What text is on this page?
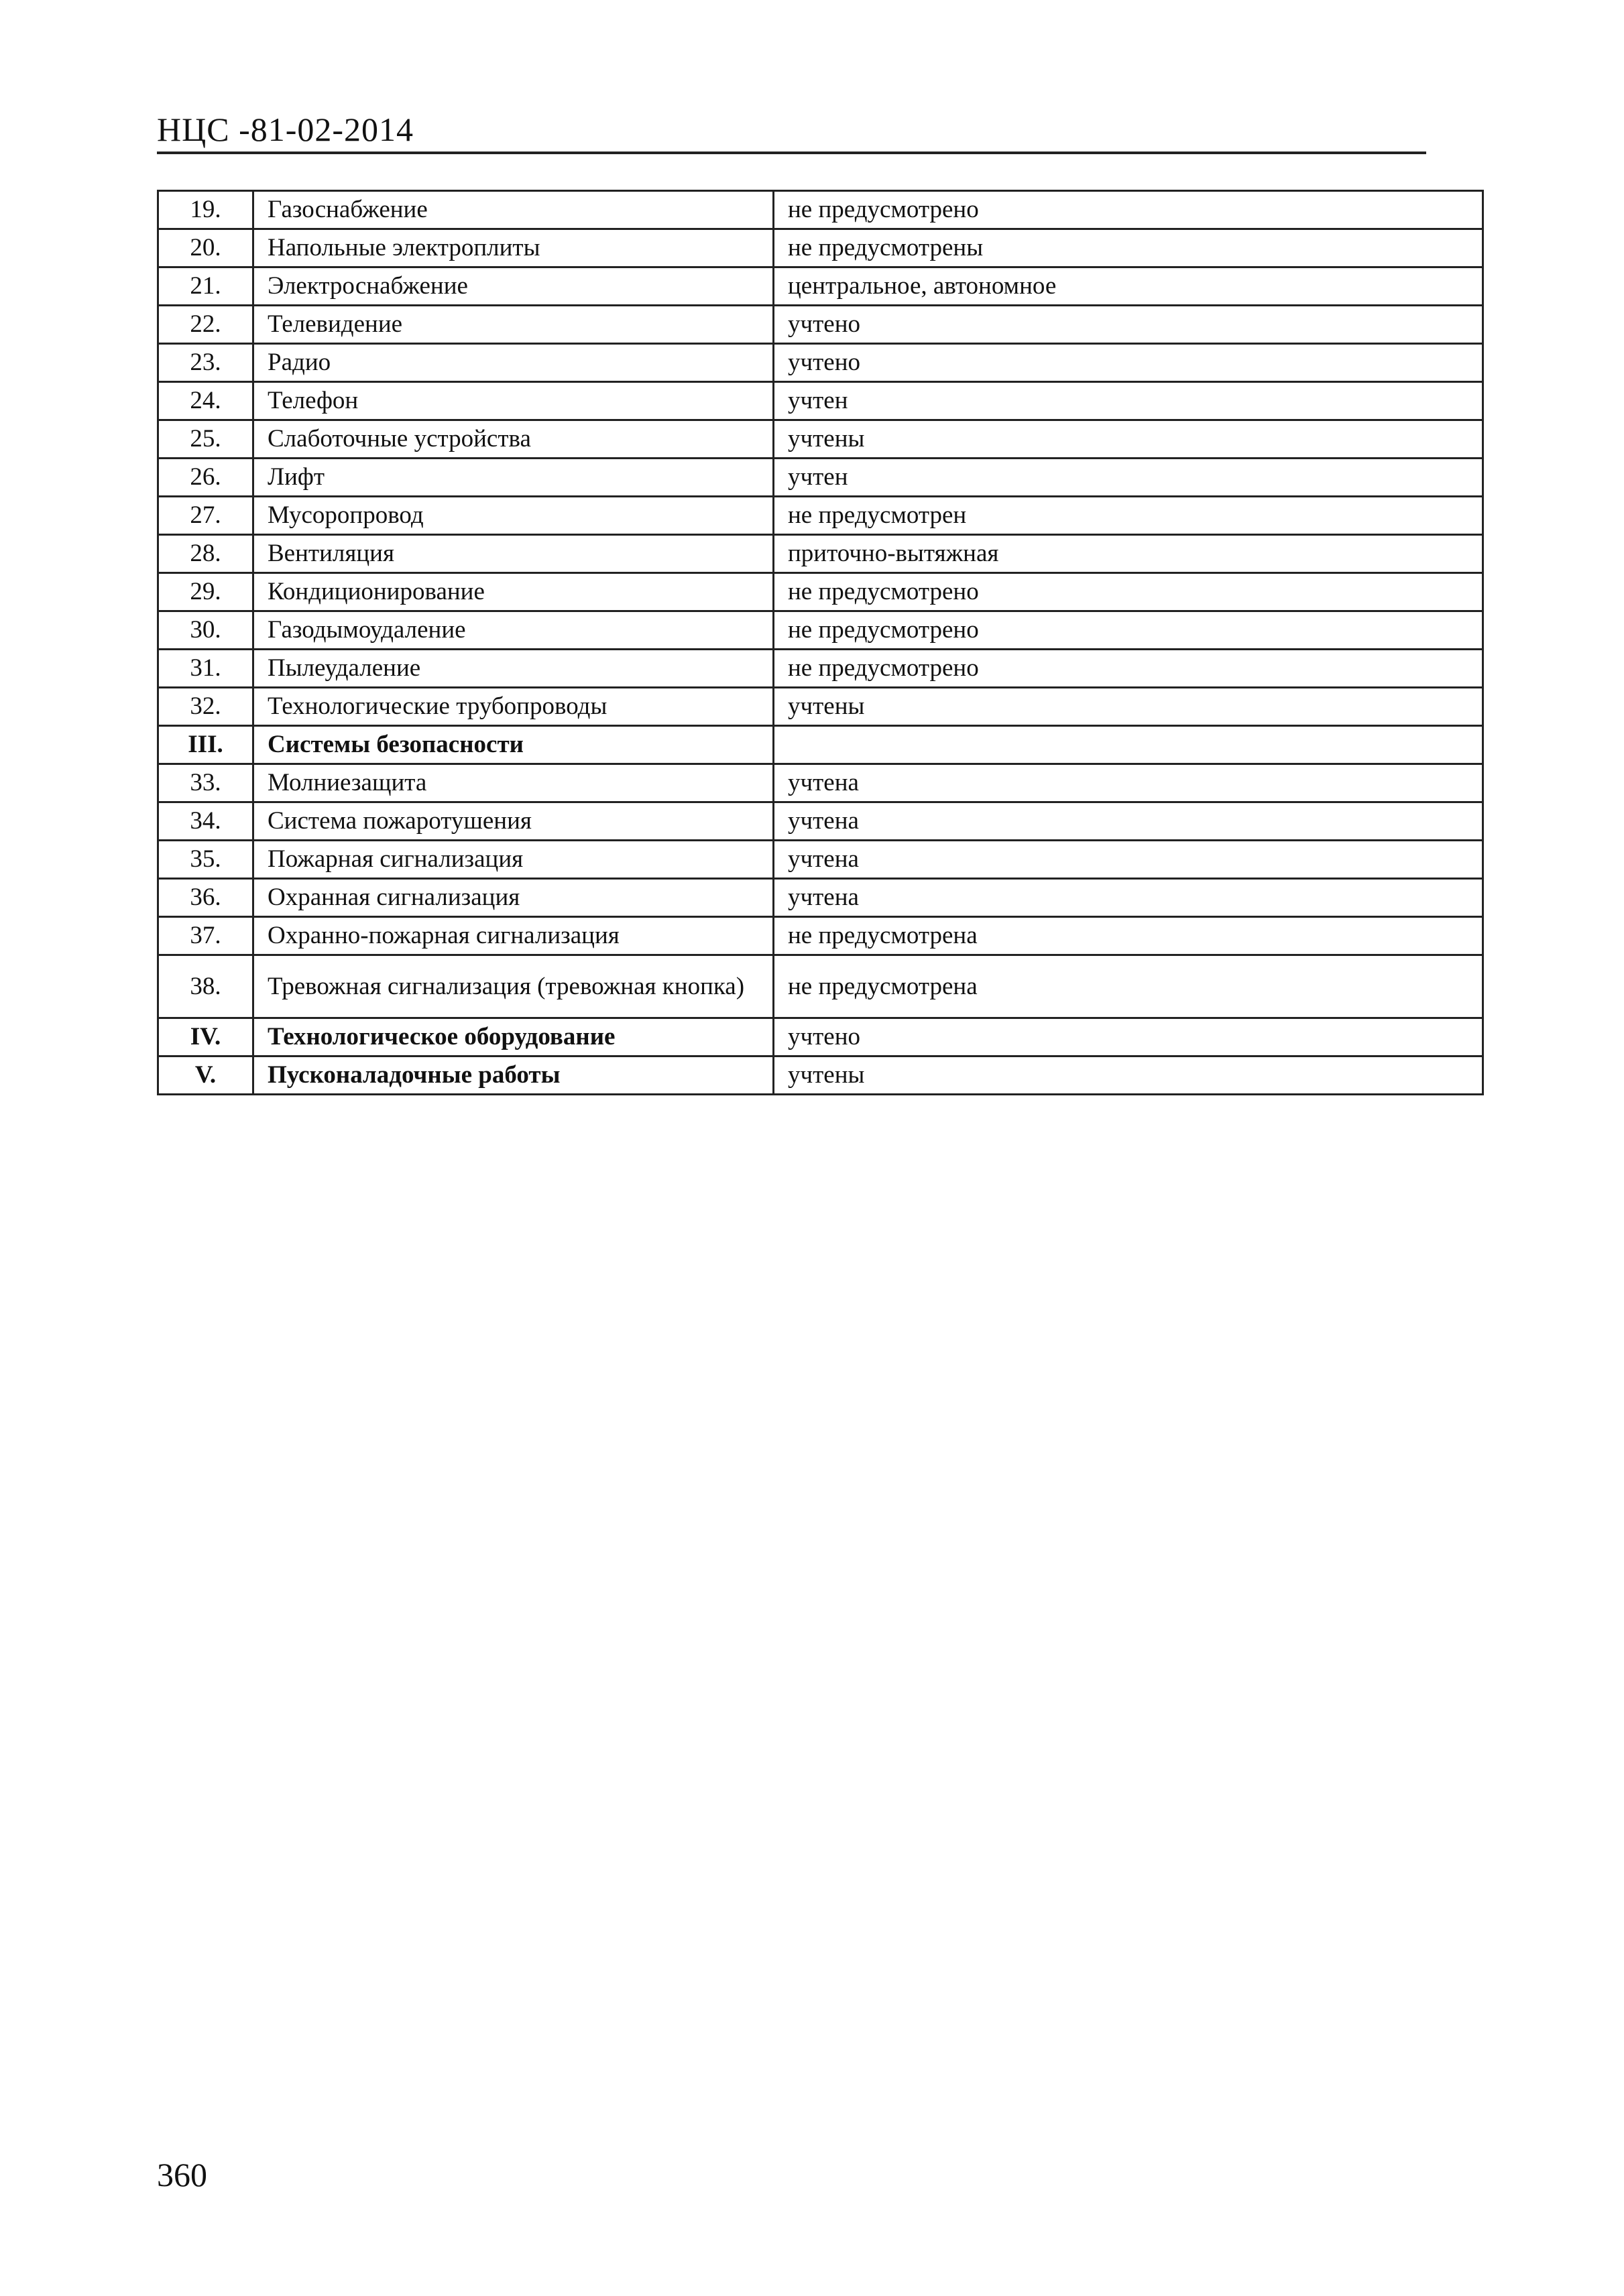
НЦС -81-02-2014
19.	Газоснабжение	не предусмотрено
20.	Напольные электроплиты	не предусмотрены
21.	Электроснабжение	центральное, автономное
22.	Телевидение	учтено
23.	Радио	учтено
24.	Телефон	учтен
25.	Слаботочные устройства	учтены
26.	Лифт	учтен
27.	Мусоропровод	не предусмотрен
28.	Вентиляция	приточно-вытяжная
29.	Кондиционирование	не предусмотрено
30.	Газодымоудаление	не предусмотрено
31.	Пылеудаление	не предусмотрено
32.	Технологические трубопроводы	учтены
III.	Системы безопасности	
33.	Молниезащита	учтена
34.	Система пожаротушения	учтена
35.	Пожарная сигнализация	учтена
36.	Охранная сигнализация	учтена
37.	Охранно-пожарная сигнализация	не предусмотрена
38.	Тревожная сигнализация (тревожная кнопка)	не предусмотрена
IV.	Технологическое оборудование	учтено
V.	Пусконаладочные работы	учтены
360
